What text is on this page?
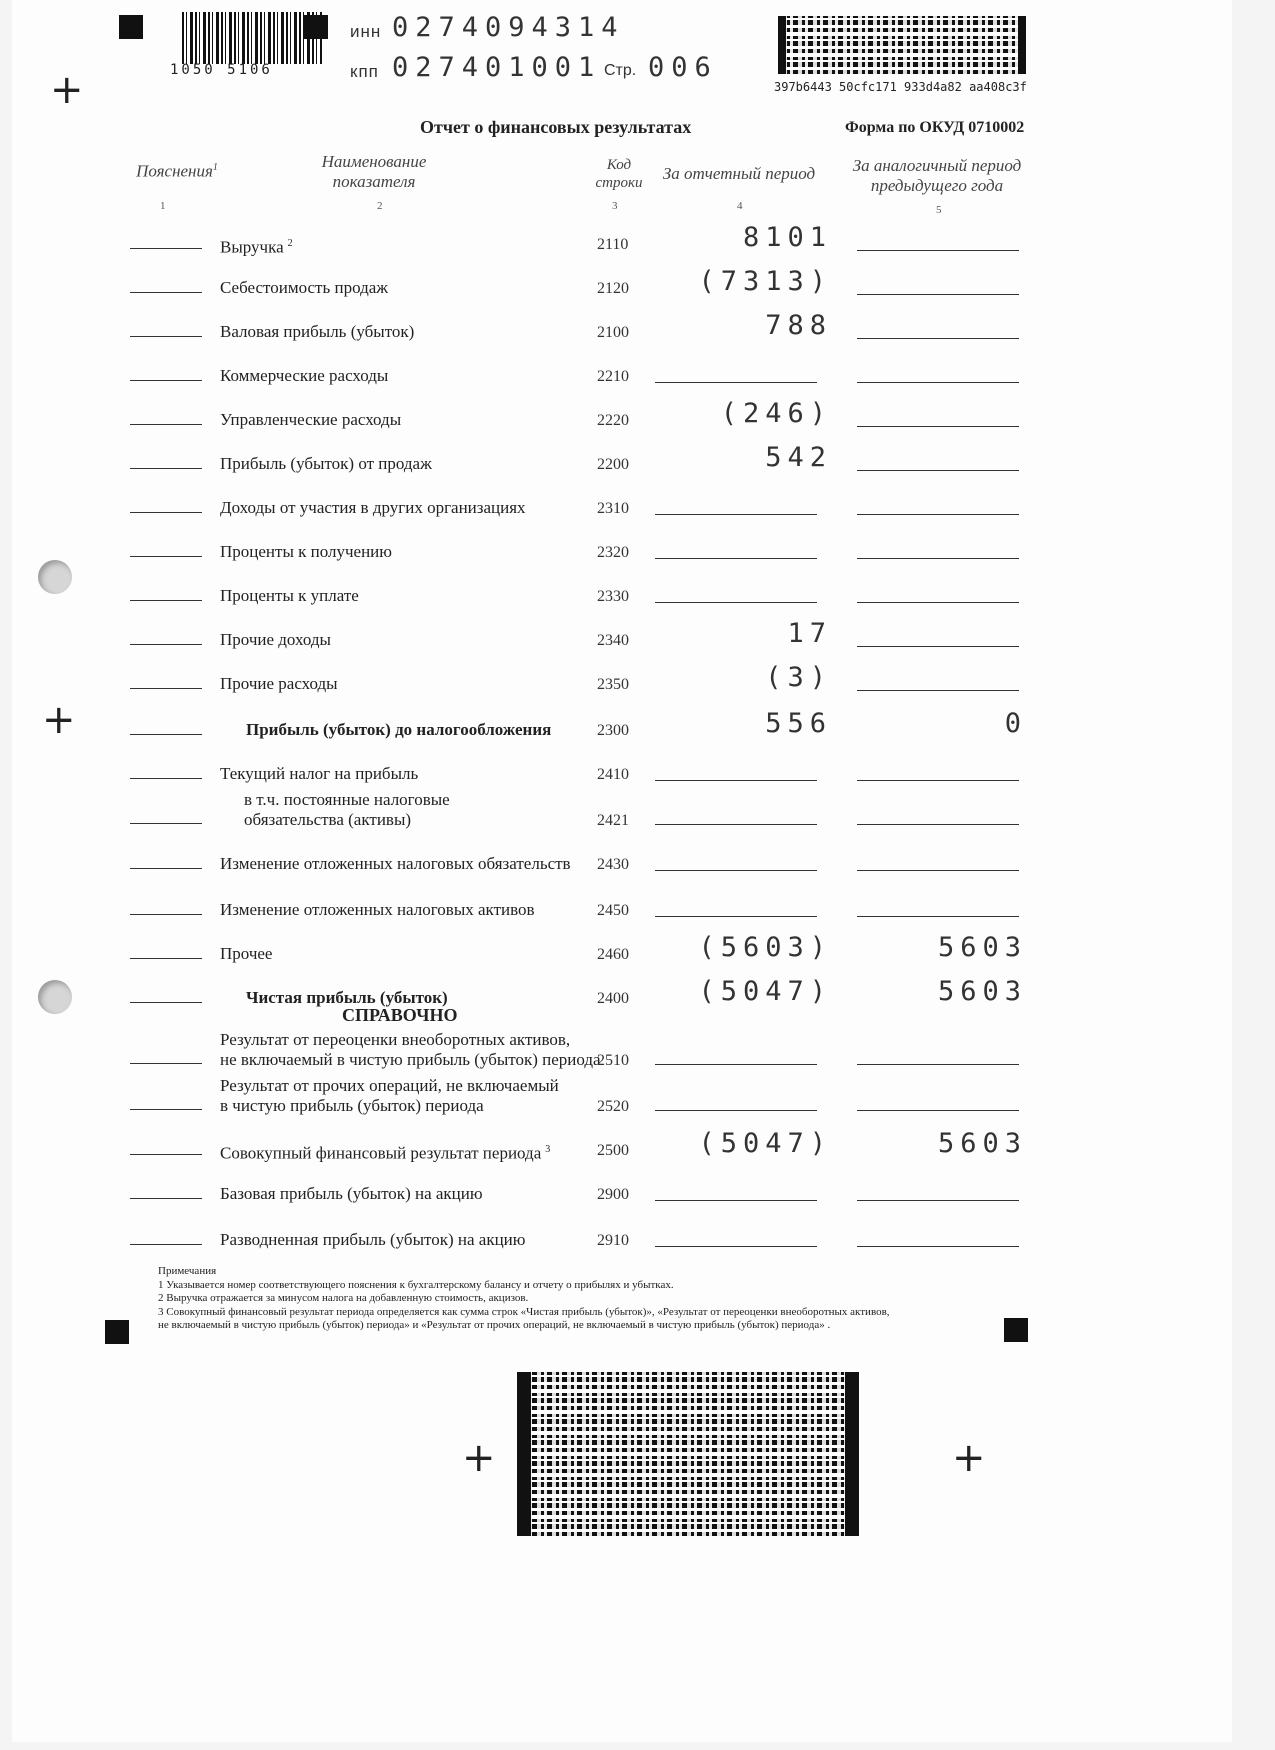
1050 5106
+
инн 0274094314
кпп 027401001 Стр. 006
397b6443 50cfc171 933d4a82 aa408c3f
Отчет о финансовых результатах	Форма по ОКУД 0710002
Пояснения$^1$	Наименование показателя
Код строки	За отчетный период	За аналогичный период предыдущего года
1	2	3	4	5
Выручка $^2$	2110	8101
Себестоимость продаж	2120	(7313)
Валовая прибыль (убыток)	2100	788
Коммерческие расходы	2210
Управленческие расходы	2220	(246)
Прибыль (убыток) от продаж	2200	542
Доходы от участия в других организациях	2310
Проценты к получению	2320
Проценты к уплате	2330
Прочие доходы	2340	17
Прочие расходы	2350	(3)
Прибыль (убыток) до налогообложения	2300	556	0
Текущий налог на прибыль	2410
в т.ч. постоянные налоговые
обязательства (активы)	2421
Изменение отложенных налоговых обязательств 2430
Изменение отложенных налоговых активов	2450
Прочее	2460	(5603)	5603
Чистая прибыль (убыток)	2400	(5047)	5603
СПРАВОЧНО
Результат от переоценки внеоборотных активов,
не включаемый в чистую прибыль (убыток) периода
2510
Результат от прочих операций, не включаемый
в чистую прибыль (убыток) периода	2520
Совокупный финансовый результат периода $^3$	2500	(5047)	5603
Базовая прибыль (убыток) на акцию	2900
Разводненная прибыль (убыток) на акцию	2910
Примечания
1 Указывается номер соответствующего пояснения к бухгалтерскому балансу и отчету о прибылях и убытках.
2 Выручка отражается за минусом налога на добавленную стоимость, акцизов.
3 Совокупный финансовый результат периода определяется как сумма строк «Чистая прибыль (убыток)», «Результат от переоценки внеоборотных активов,
не включаемый в чистую прибыль (убыток) периода» и «Результат от прочих операций, не включаемый в чистую прибыль (убыток) периода» .
+
+	+
